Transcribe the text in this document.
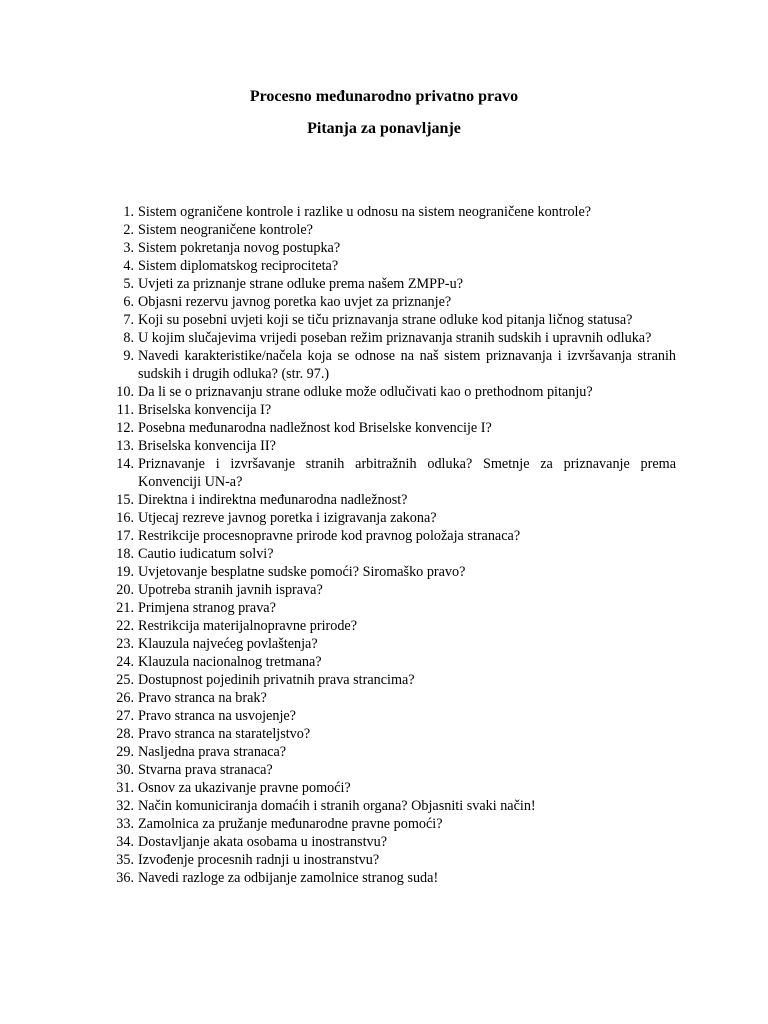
Procesno međunarodno privatno pravo
Pitanja za ponavljanje
1. Sistem ograničene kontrole i razlike u odnosu na sistem neograničene kontrole?
2. Sistem neograničene kontrole?
3. Sistem pokretanja novog postupka?
4. Sistem diplomatskog reciprociteta?
5. Uvjeti za priznanje strane odluke prema našem ZMPP-u?
6. Objasni rezervu javnog poretka kao uvjet za priznanje?
7. Koji su posebni uvjeti koji se tiču priznavanja strane odluke kod pitanja ličnog statusa?
8. U kojim slučajevima vrijedi poseban režim priznavanja stranih sudskih i upravnih odluka?
9. Navedi karakteristike/načela koja se odnose na naš sistem priznavanja i izvršavanja stranih sudskih i drugih odluka? (str. 97.)
10. Da li se o priznavanju strane odluke može odlučivati kao o prethodnom pitanju?
11. Briselska konvencija I?
12. Posebna međunarodna nadležnost kod Briselske konvencije I?
13. Briselska konvencija II?
14. Priznavanje i izvršavanje stranih arbitražnih odluka? Smetnje za priznavanje prema Konvenciji UN-a?
15. Direktna i indirektna međunarodna nadležnost?
16. Utjecaj rezreve javnog poretka i izigravanja zakona?
17. Restrikcije procesnopravne prirode kod pravnog položaja stranaca?
18. Cautio iudicatum solvi?
19. Uvjetovanje besplatne sudske pomoći? Siromaško pravo?
20. Upotreba stranih javnih isprava?
21. Primjena stranog prava?
22. Restrikcija materijalnopravne prirode?
23. Klauzula najvećeg povlaštenja?
24. Klauzula nacionalnog tretmana?
25. Dostupnost pojedinih privatnih prava strancima?
26. Pravo stranca na brak?
27. Pravo stranca na usvojenje?
28. Pravo stranca na starateljstvo?
29. Nasljedna prava stranaca?
30. Stvarna prava stranaca?
31. Osnov za ukazivanje pravne pomoći?
32. Način komuniciranja domaćih i stranih organa? Objasniti svaki način!
33. Zamolnica za pružanje međunarodne pravne pomoći?
34. Dostavljanje akata osobama u inostranstvu?
35. Izvođenje procesnih radnji u inostranstvu?
36. Navedi razloge za odbijanje zamolnice stranog suda!
